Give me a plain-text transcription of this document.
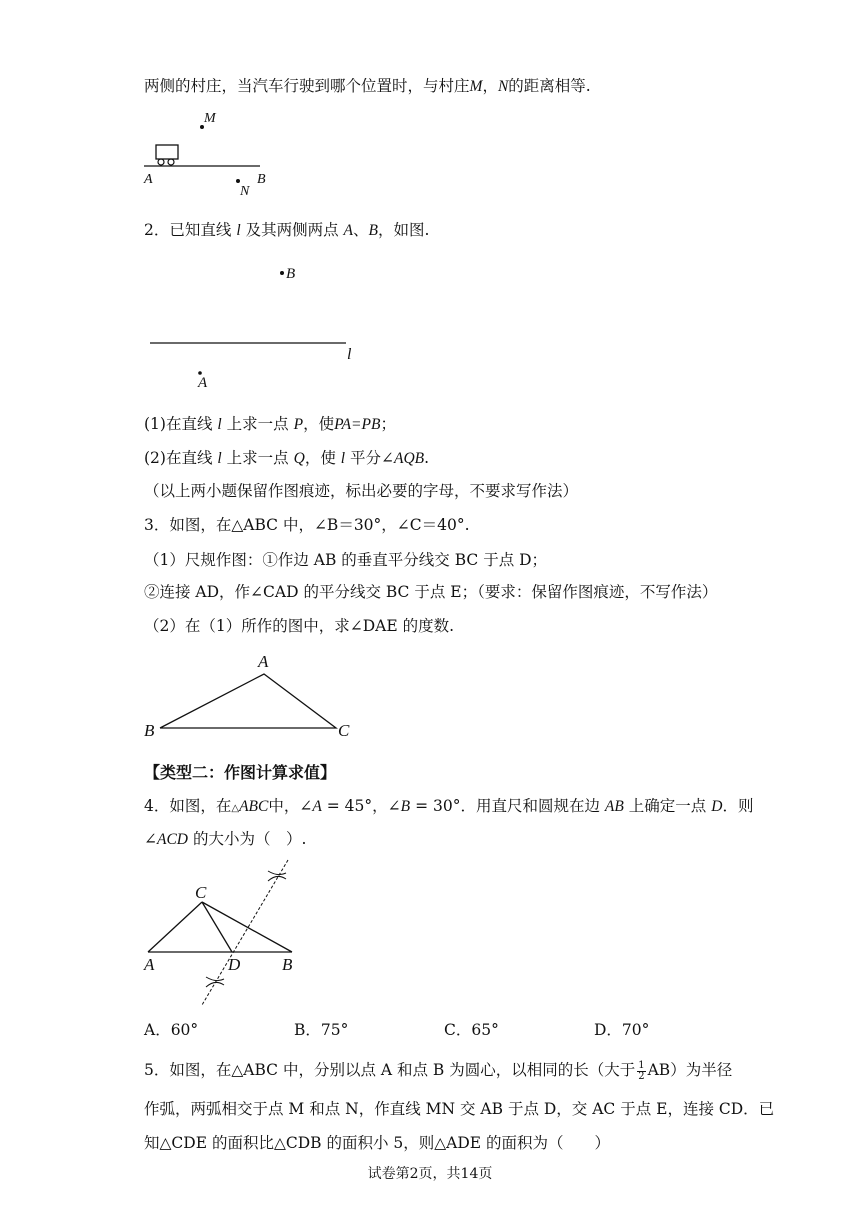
两侧的村庄，当汽车行驶到哪个位置时，与村庄M，N的距离相等.
M
A	B
N
2．已知直线 l 及其两侧两点 A、B，如图.
B
l
A
(1)在直线 l 上求一点 P，使PA=PB；
(2)在直线 l 上求一点 Q，使 l 平分∠AQB.
（以上两小题保留作图痕迹，标出必要的字母，不要求写作法）
3．如图，在△ABC 中，∠B＝30°，∠C＝40°.
（1）尺规作图：①作边 AB 的垂直平分线交 BC 于点 D；
②连接 AD，作∠CAD 的平分线交 BC 于点 E；（要求：保留作图痕迹，不写作法）
（2）在（1）所作的图中，求∠DAE 的度数.
A
B	C
【类型二：作图计算求值】
4．如图，在△ABC中，∠A = 45°，∠B = 30°．用直尺和圆规在边 AB 上确定一点 D．则
∠ACD 的大小为（　）.
C
A	D B
A．60°	B．75°	C．65°	D．70°
5．如图，在△ABC 中，分别以点 A 和点 B 为圆心，以相同的长（大于 $\frac{1}{2} AB$）为半径
作弧，两弧相交于点 M 和点 N，作直线 MN 交 AB 于点 D，交 AC 于点 E，连接 CD．已
知△CDE 的面积比△CDB 的面积小 5，则△ADE 的面积为（　　）
试卷第2页，共14页
